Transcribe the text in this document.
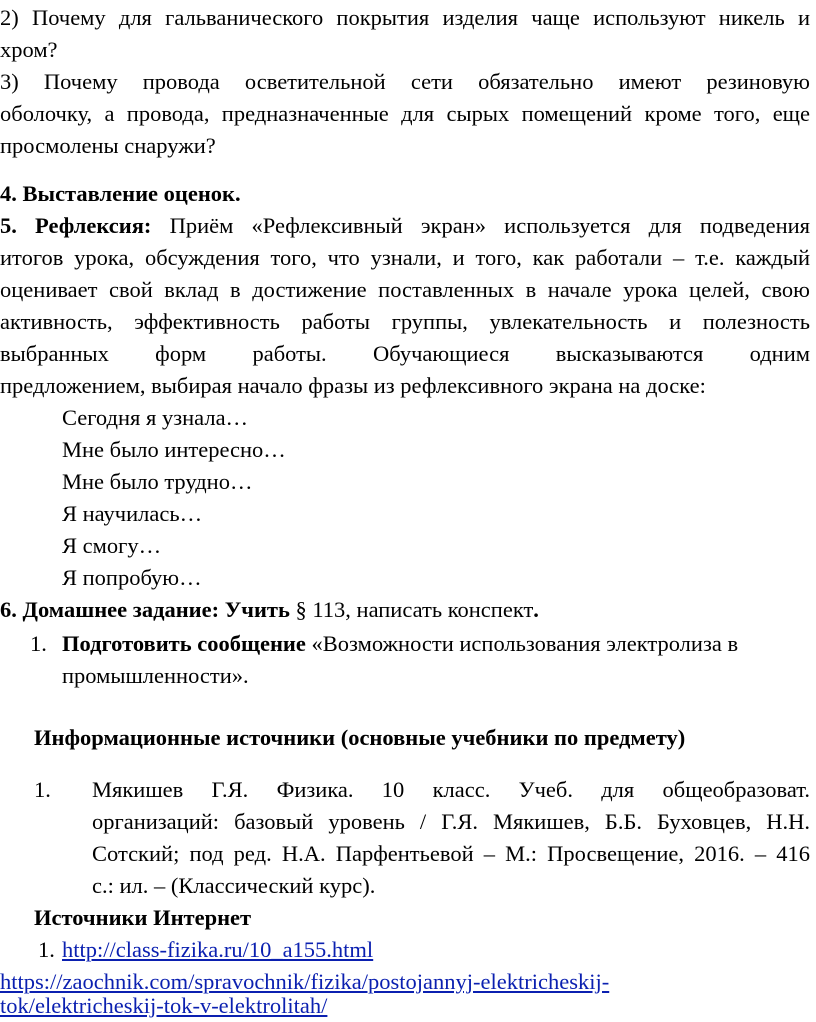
2) Почему для гальванического покрытия изделия чаще используют никель и
хром?
3) Почему провода осветительной сети обязательно имеют резиновую
оболочку, а провода, предназначенные для сырых помещений кроме того, еще
просмолены снаружи?
4. Выставление оценок.
5. Рефлексия: Приём «Рефлексивный экран» используется для подведения
итогов урока, обсуждения того, что узнали, и того, как работали – т.е. каждый
оценивает свой вклад в достижение поставленных в начале урока целей, свою
активность, эффективность работы группы, увлекательность и полезность
выбранных форм работы. Обучающиеся высказываются одним
предложением, выбирая начало фразы из рефлексивного экрана на доске:
Сегодня я узнала…
Мне было интересно…
Мне было трудно…
Я научилась…
Я смогу…
Я попробую…
6. Домашнее задание: Учить § 113, написать конспект.
1. Подготовить сообщение «Возможности использования электролиза в
промышленности».
Информационные источники (основные учебники по предмету)
1. Мякишев Г.Я. Физика. 10 класс. Учеб. для общеобразоват.
организаций: базовый уровень / Г.Я. Мякишев, Б.Б. Буховцев, Н.Н.
Сотский; под ред. Н.А. Парфентьевой – М.: Просвещение, 2016. – 416
с.: ил. – (Классический курс).
Источники Интернет
1. http://class-fizika.ru/10_a155.html
https://zaochnik.com/spravochnik/fizika/postojannyj-elektricheskij-
tok/elektricheskij-tok-v-elektrolitah/
